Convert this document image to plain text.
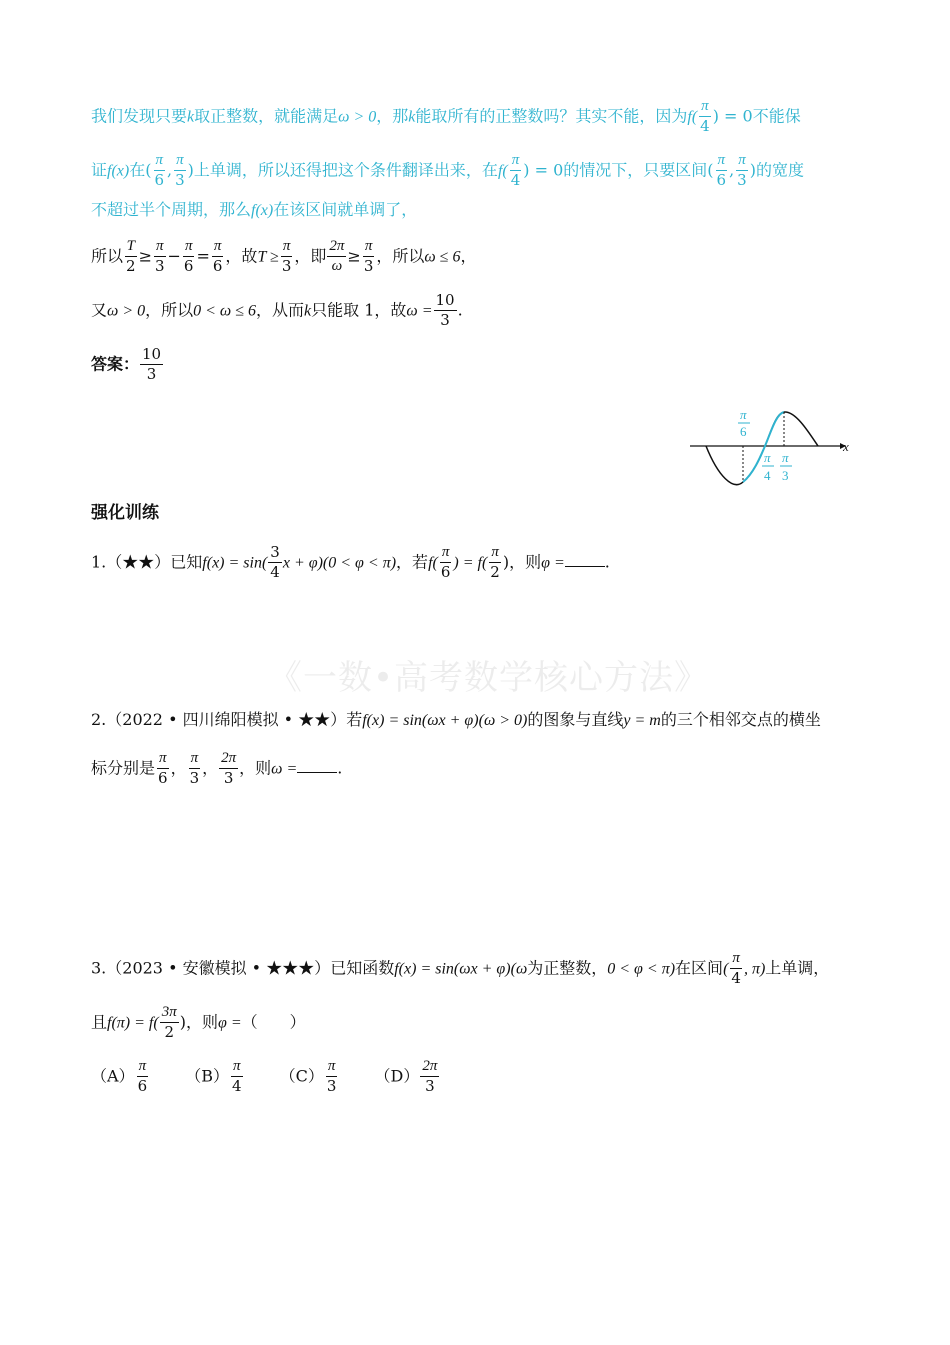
我们发现只要k取正整数，就能满足ω > 0，那k能取所有的正整数吗？其实不能，因为$f( \frac{\pi}{4}$ ) = 0不能保
证f(x)在( $\frac{\pi}{6}$ , $\frac{\pi}{3}$ )上单调，所以还得把这个条件翻译出来，在$f( \frac{\pi}{4}$ ) = 0的情况下，只要区间( $\frac{\pi}{6}$ , $\frac{\pi}{3}$ )的宽度
不超过半个周期，那么f(x)在该区间就单调了，
所以 $\frac{T}{2} \ge \frac{\pi}{3} - \frac{\pi}{6} = \frac{\pi}{6}$ ，故$T \ge \frac{\pi}{3}$ ，即 $\frac{2\pi}{\omega} \ge \frac{\pi}{3}$ ，所以ω ≤ 6，
又ω > 0，所以0 < ω ≤ 6，从而k只能取 1，故$\omega = \frac{10}{3}$ .
答案： $\frac{10}{3}$
x
π
6
π
4
π
3
强化训练
1.（★★）已知$f(x) = \sin( \frac{3}{4}$ x + φ)(0 < φ < π)，若$f( \frac{\pi}{6}$ ) = $f( \frac{\pi}{2}$ )，则φ =	.
《一数•高考数学核心方法》
2.（2022 • 四川绵阳模拟 • ★★）若f(x) = sin(ωx + φ)(ω > 0)的图象与直线y = m的三个相邻交点的横坐
标分别是 $\frac{\pi}{6}$ ， $\frac{\pi}{3}$ ， $\frac{2\pi}{3}$ ，则ω =	.
3.（2023 • 安徽模拟 • ★★★）已知函数f(x) = sin(ωx + φ)(ω为正整数，0 < φ < π)在区间( $\frac{\pi}{4}$ , π)上单调，
且$f(\pi) = f( \frac{3\pi}{2}$ )，则φ =（　　）
$(A) \frac{\pi}{6} (B) \frac{\pi}{4} (C) \frac{\pi}{3} (D) \frac{2\pi}{3}$
